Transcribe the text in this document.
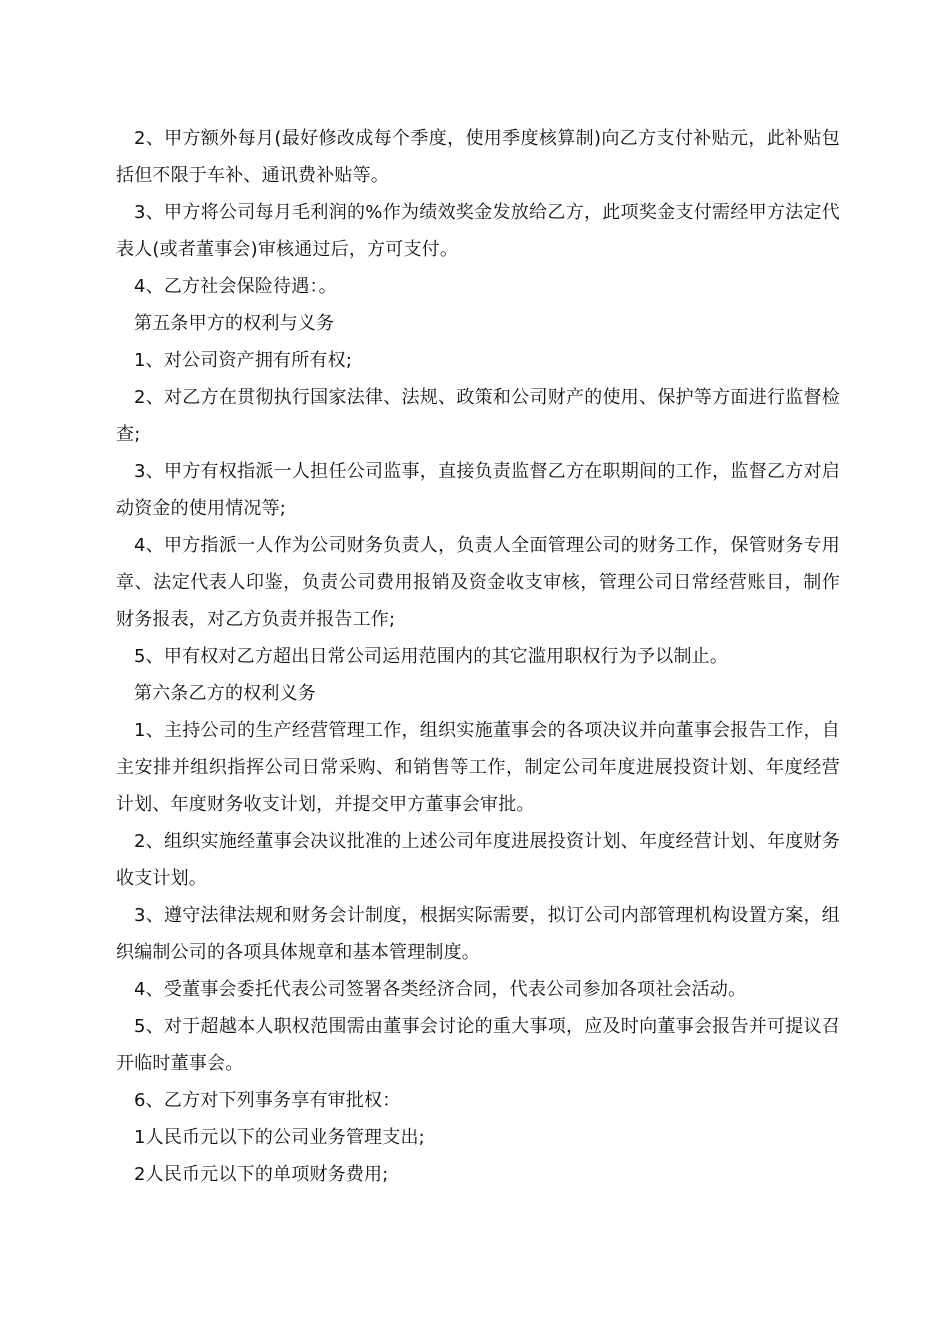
2、甲方额外每月(最好修改成每个季度，使用季度核算制)向乙方支付补贴元，此补贴包括但不限于车补、通讯费补贴等。

3、甲方将公司每月毛利润的%作为绩效奖金发放给乙方，此项奖金支付需经甲方法定代表人(或者董事会)审核通过后，方可支付。

4、乙方社会保险待遇：。

第五条甲方的权利与义务

1、对公司资产拥有所有权;

2、对乙方在贯彻执行国家法律、法规、政策和公司财产的使用、保护等方面进行监督检查;

3、甲方有权指派一人担任公司监事，直接负责监督乙方在职期间的工作，监督乙方对启动资金的使用情况等;

4、甲方指派一人作为公司财务负责人，负责人全面管理公司的财务工作，保管财务专用章、法定代表人印鉴，负责公司费用报销及资金收支审核，管理公司日常经营账目，制作财务报表，对乙方负责并报告工作;

5、甲有权对乙方超出日常公司运用范围内的其它滥用职权行为予以制止。

第六条乙方的权利义务

1、主持公司的生产经营管理工作，组织实施董事会的各项决议并向董事会报告工作，自主安排并组织指挥公司日常采购、和销售等工作，制定公司年度进展投资计划、年度经营计划、年度财务收支计划，并提交甲方董事会审批。

2、组织实施经董事会决议批准的上述公司年度进展投资计划、年度经营计划、年度财务收支计划。

3、遵守法律法规和财务会计制度，根据实际需要，拟订公司内部管理机构设置方案，组织编制公司的各项具体规章和基本管理制度。

4、受董事会委托代表公司签署各类经济合同，代表公司参加各项社会活动。

5、对于超越本人职权范围需由董事会讨论的重大事项，应及时向董事会报告并可提议召开临时董事会。

6、乙方对下列事务享有审批权：

1人民币元以下的公司业务管理支出;

2人民币元以下的单项财务费用;
